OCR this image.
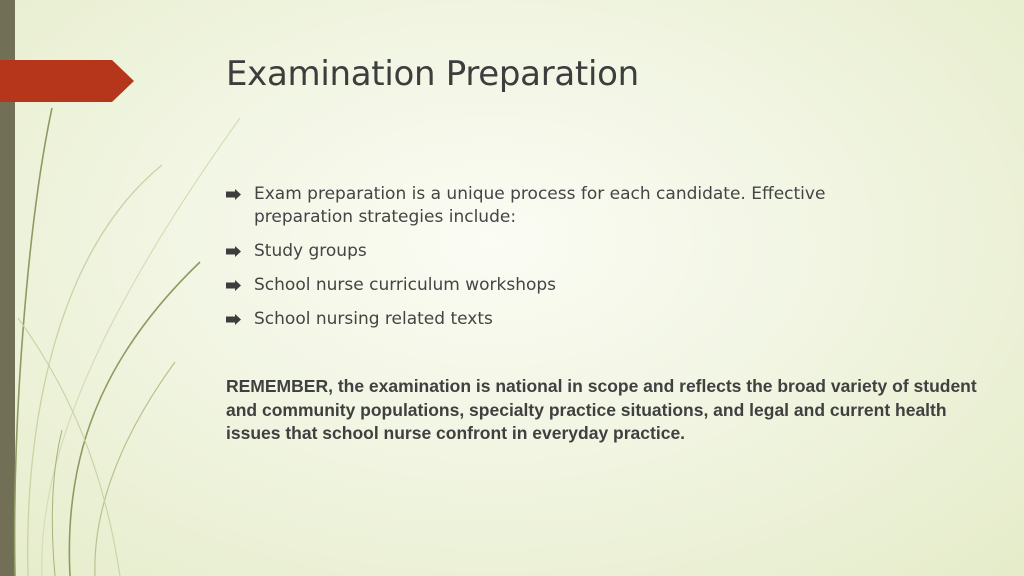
Examination Preparation
Exam preparation is a unique process for each candidate. Effective preparation strategies include:
Study groups
School nurse curriculum workshops
School nursing related texts

REMEMBER, the examination is national in scope and reflects the broad variety of student and community populations, specialty practice situations, and legal and current health issues that school nurse confront in everyday practice.
